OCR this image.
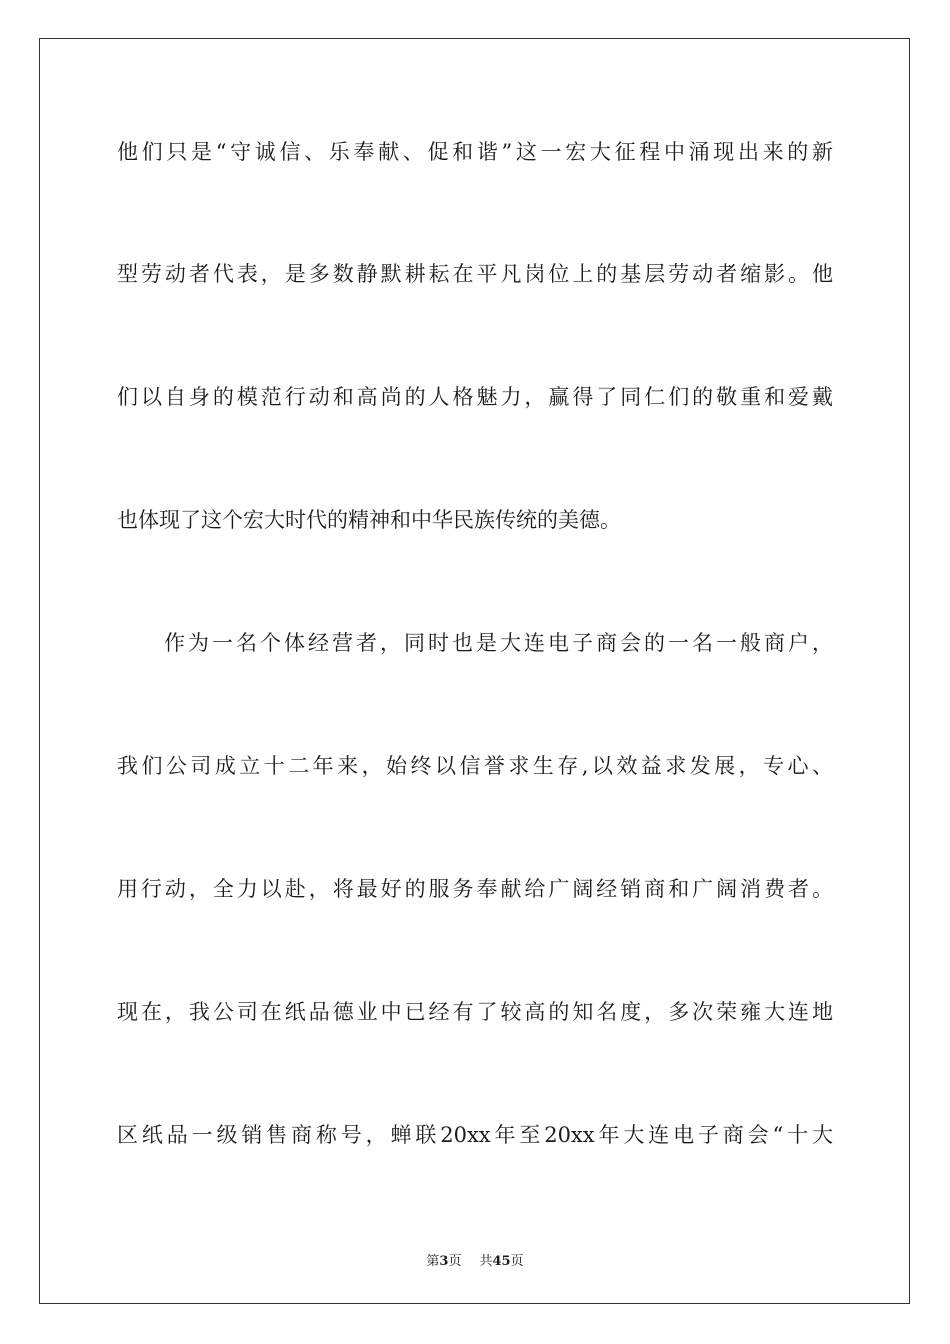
他们只是“守诚信、乐奉献、促和谐”这一宏大征程中涌现出来的新
型劳动者代表，是多数静默耕耘在平凡岗位上的基层劳动者缩影。他
们以自身的模范行动和高尚的人格魅力，赢得了同仁们的敬重和爱戴
也体现了这个宏大时代的精神和中华民族传统的美德。
作为一名个体经营者，同时也是大连电子商会的一名一般商户，
我们公司成立十二年来，始终以信誉求生存,以效益求发展，专心、
用行动，全力以赴，将最好的服务奉献给广阔经销商和广阔消费者。
现在，我公司在纸品德业中已经有了较高的知名度，多次荣雍大连地
区纸品一级销售商称号，蝉联20xx年至20xx年大连电子商会“十大
第3页 共45页
